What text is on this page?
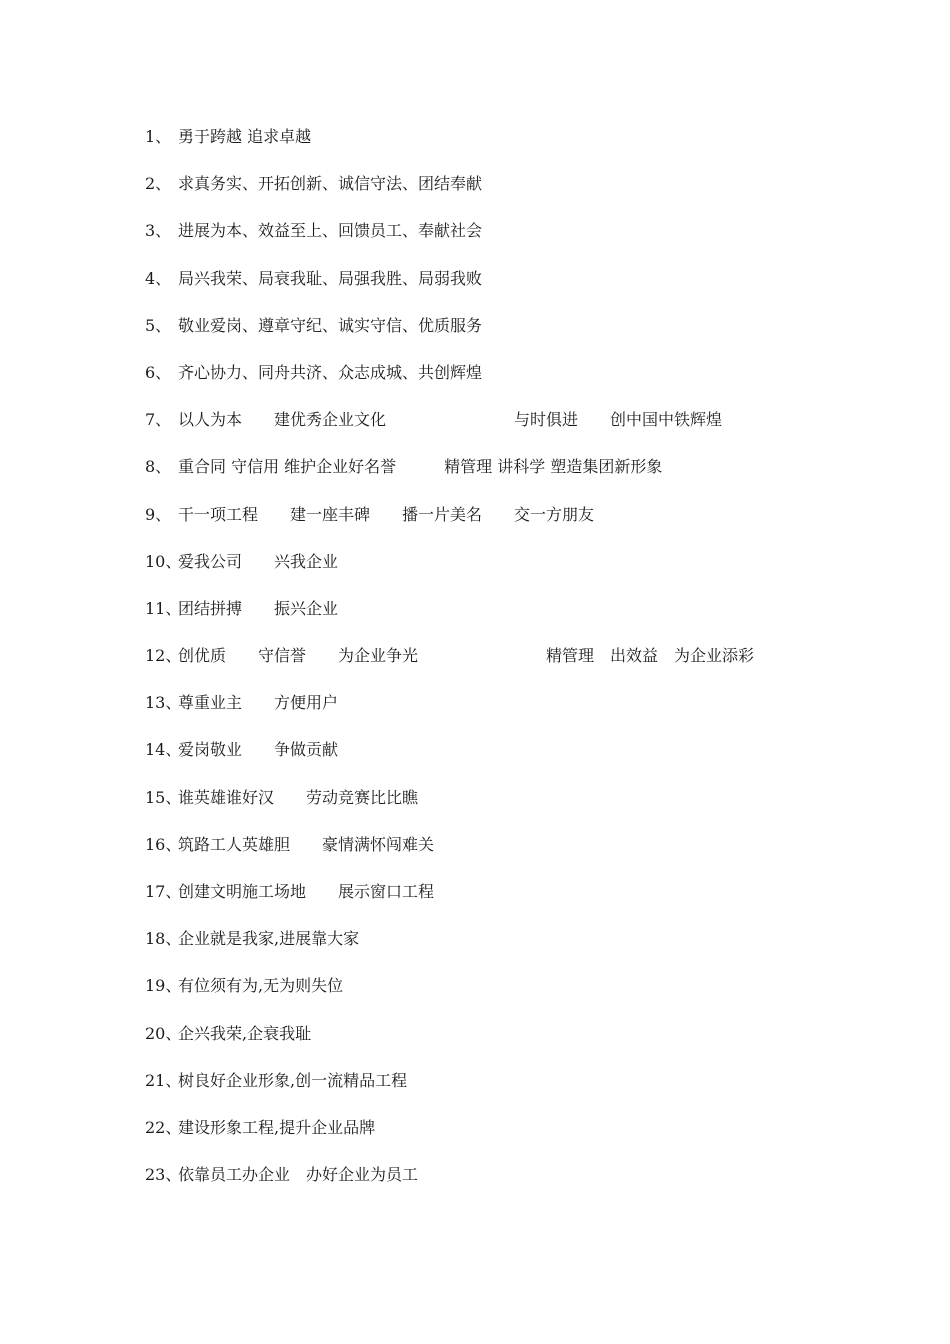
1、 勇于跨越 追求卓越
2、 求真务实、开拓创新、诚信守法、团结奉献
3、 进展为本、效益至上、回馈员工、奉献社会
4、 局兴我荣、局衰我耻、局强我胜、局弱我败
5、 敬业爱岗、遵章守纪、诚实守信、优质服务
6、 齐心协力、同舟共济、众志成城、共创辉煌
7、 以人为本　　建优秀企业文化　　　　　　　　与时俱进　　创中国中铁辉煌
8、 重合同 守信用 维护企业好名誉　　　精管理 讲科学 塑造集团新形象
9、 干一项工程　　建一座丰碑　　播一片美名　　交一方朋友
10、
爱我公司　　兴我企业
11、
团结拼搏　　振兴企业
12、
创优质　　守信誉　　为企业争光　　　　　　　　精管理　出效益　为企业添彩
13、
尊重业主　　方便用户
14、
爱岗敬业　　争做贡献
15、
谁英雄谁好汉　　劳动竞赛比比瞧
16、
筑路工人英雄胆　　豪情满怀闯难关
17、
创建文明施工场地　　展示窗口工程
18、
企业就是我家,进展靠大家
19、
有位须有为,无为则失位
20、
企兴我荣,企衰我耻
21、
树良好企业形象,创一流精品工程
22、
建设形象工程,提升企业品牌
23、
依靠员工办企业　办好企业为员工
